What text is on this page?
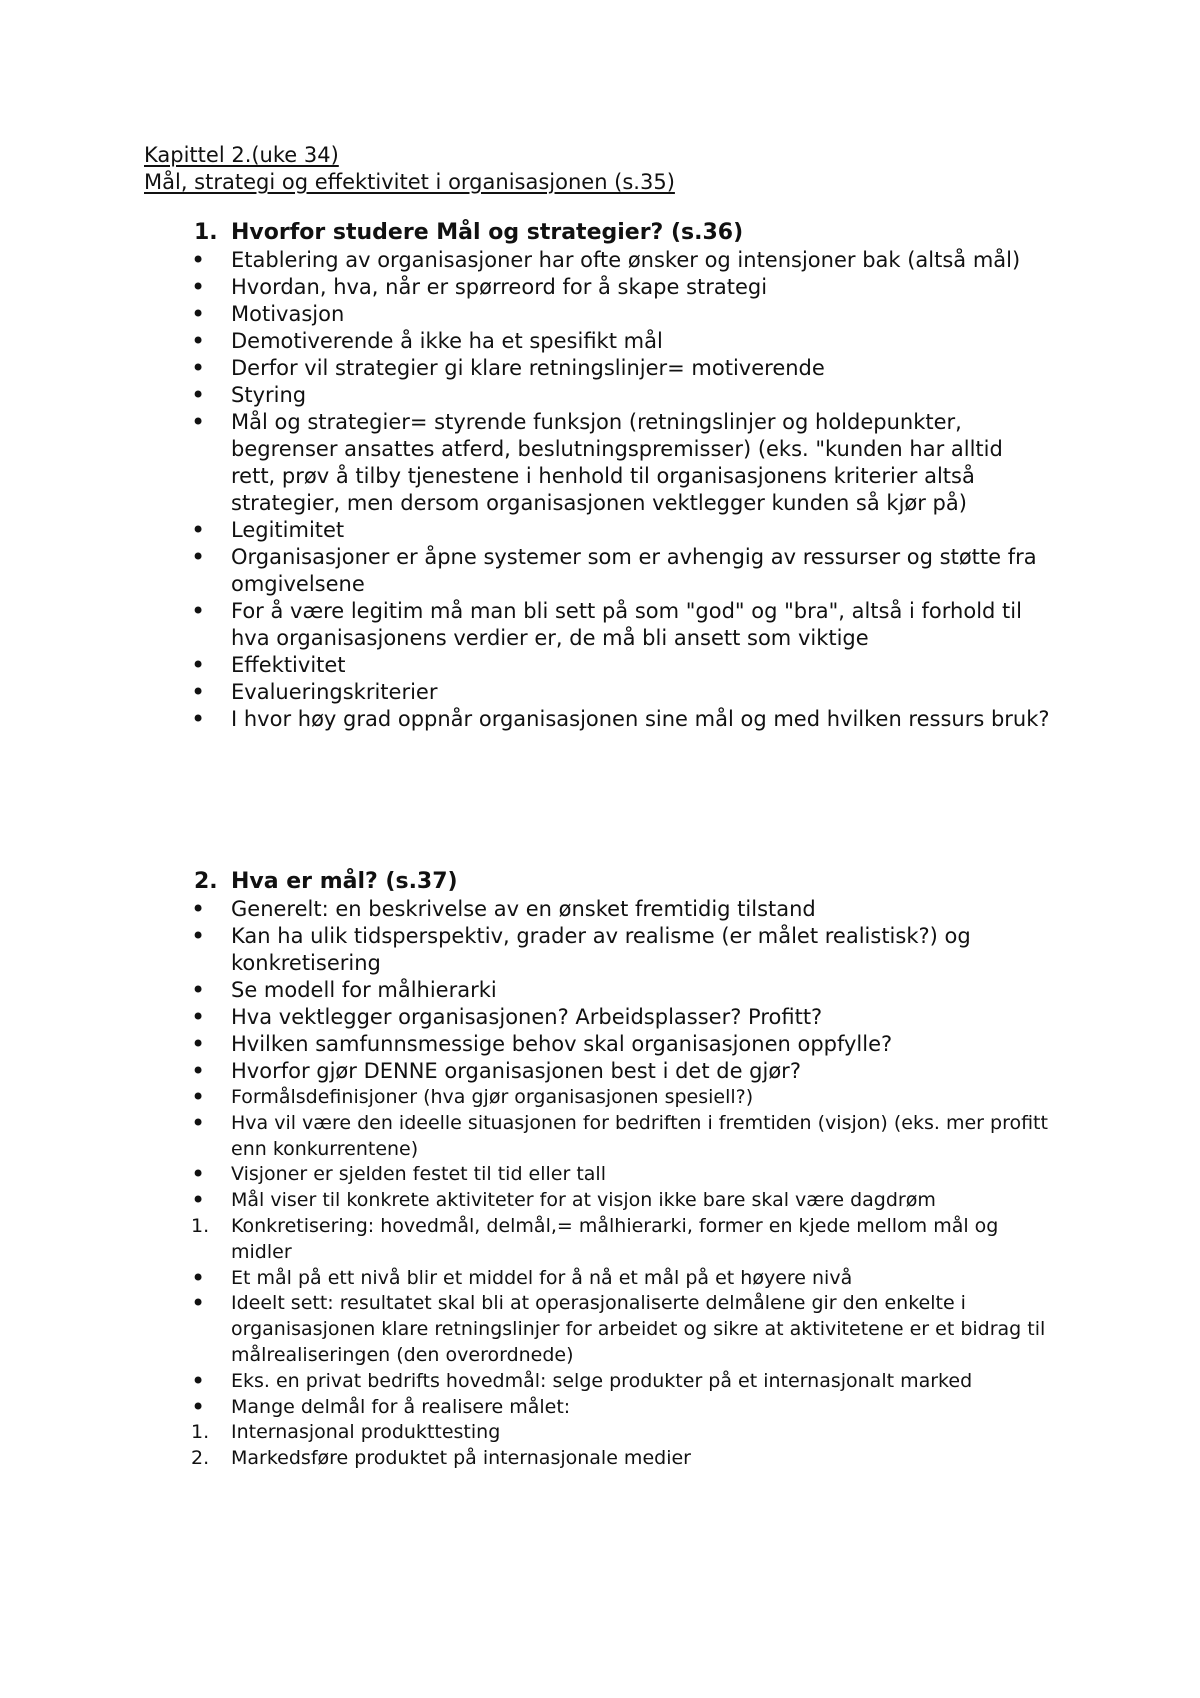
Kapittel 2.(uke 34)
Mål, strategi og effektivitet i organisasjonen (s.35)
1. Hvorfor studere Mål og strategier? (s.36)
•	Etablering av organisasjoner har ofte ønsker og intensjoner bak (altså mål)
•	Hvordan, hva, når er spørreord for å skape strategi
•	Motivasjon
•	Demotiverende å ikke ha et spesifikt mål
•	Derfor vil strategier gi klare retningslinjer= motiverende
•	Styring
•	Mål og strategier= styrende funksjon (retningslinjer og holdepunkter, begrenser ansattes atferd, beslutningspremisser) (eks. "kunden har alltid rett, prøv å tilby tjenestene i henhold til organisasjonens kriterier altså strategier, men dersom organisasjonen vektlegger kunden så kjør på)
•	Legitimitet
•	Organisasjoner er åpne systemer som er avhengig av ressurser og støtte fra omgivelsene
•	For å være legitim må man bli sett på som "god" og "bra", altså i forhold til hva organisasjonens verdier er, de må bli ansett som viktige
•	Effektivitet
•	Evalueringskriterier
•	I hvor høy grad oppnår organisasjonen sine mål og med hvilken ressurs bruk?
2. Hva er mål? (s.37)
•	Generelt: en beskrivelse av en ønsket fremtidig tilstand
•	Kan ha ulik tidsperspektiv, grader av realisme (er målet realistisk?) og konkretisering
•	Se modell for målhierarki
•	Hva vektlegger organisasjonen? Arbeidsplasser? Profitt?
•	Hvilken samfunnsmessige behov skal organisasjonen oppfylle?
•	Hvorfor gjør DENNE organisasjonen best i det de gjør?
•	Formålsdefinisjoner (hva gjør organisasjonen spesiell?)
•	Hva vil være den ideelle situasjonen for bedriften i fremtiden (visjon) (eks. mer profitt enn konkurrentene)
•	Visjoner er sjelden festet til tid eller tall
•	Mål viser til konkrete aktiviteter for at visjon ikke bare skal være dagdrøm
1.	Konkretisering: hovedmål, delmål,= målhierarki, former en kjede mellom mål og midler
•	Et mål på ett nivå blir et middel for å nå et mål på et høyere nivå
•	Ideelt sett: resultatet skal bli at operasjonaliserte delmålene gir den enkelte i organisasjonen klare retningslinjer for arbeidet og sikre at aktivitetene er et bidrag til målrealiseringen (den overordnede)
•	Eks. en privat bedrifts hovedmål: selge produkter på et internasjonalt marked
•	Mange delmål for å realisere målet:
1.	Internasjonal produkttesting
2.	Markedsføre produktet på internasjonale medier
